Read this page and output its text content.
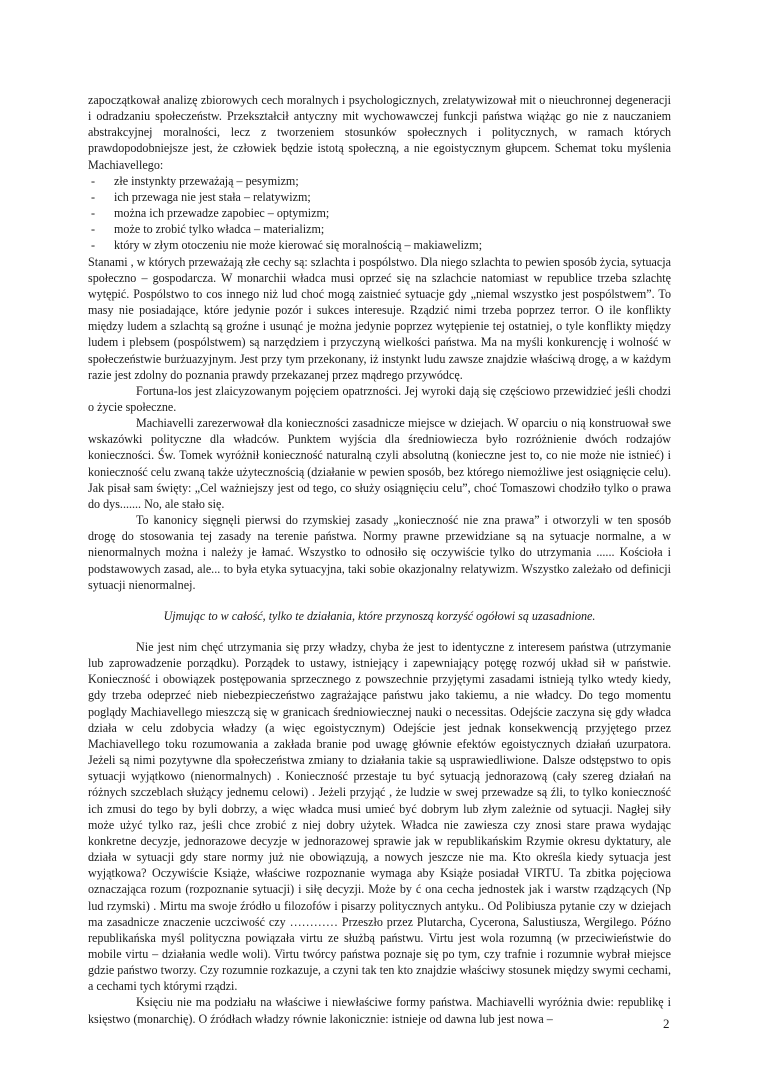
zapoczątkował analizę zbiorowych cech moralnych i psychologicznych, zrelatywizował mit o nieuchronnej degeneracji i odradzaniu społeczeństw. Przekształcił antyczny mit wychowawczej funkcji państwa wiążąc go nie z nauczaniem abstrakcyjnej moralności, lecz z tworzeniem stosunków społecznych i politycznych, w ramach których prawdopodobniejsze jest, że człowiek będzie istotą społeczną, a nie egoistycznym głupcem. Schemat toku myślenia Machiavellego:

- złe instynkty przeważają – pesymizm;
- ich przewaga nie jest stała – relatywizm;
- można ich przewadze zapobiec – optymizm;
- może to zrobić tylko władca – materializm;
- który w złym otoczeniu nie może kierować się moralnością – makiawelizm;

Stanami , w których przeważają złe cechy są: szlachta i pospólstwo. Dla niego szlachta to pewien sposób życia, sytuacja społeczno – gospodarcza. W monarchii władca musi oprzeć się na szlachcie natomiast w republice trzeba szlachtę wytępić. Pospólstwo to cos innego niż lud choć mogą zaistnieć sytuacje gdy „niemal wszystko jest pospólstwem”. To masy nie posiadające, które jedynie pozór i sukces interesuje. Rządzić nimi trzeba poprzez terror. O ile konflikty między ludem a szlachtą są groźne i usunąć je można jedynie poprzez wytępienie tej ostatniej, o tyle konflikty między ludem i plebsem (pospólstwem) są narzędziem i przyczyną wielkości państwa. Ma na myśli konkurencję i wolność w społeczeństwie burżuazyjnym. Jest przy tym przekonany, iż instynkt ludu zawsze znajdzie właściwą drogę, a w każdym razie jest zdolny do poznania prawdy przekazanej przez mądrego przywódcę.

Fortuna-los jest zlaicyzowanym pojęciem opatrzności. Jej wyroki dają się częściowo przewidzieć jeśli chodzi o życie społeczne.

Machiavelli zarezerwował dla konieczności zasadnicze miejsce w dziejach. W oparciu o nią konstruował swe wskazówki polityczne dla władców. Punktem wyjścia dla średniowiecza było rozróżnienie dwóch rodzajów konieczności. Św. Tomek wyróżnił konieczność naturalną czyli absolutną (konieczne jest to, co nie może nie istnieć) i konieczność celu zwaną także użytecznością (działanie w pewien sposób, bez którego niemożliwe jest osiągnięcie celu). Jak pisał sam święty: „Cel ważniejszy jest od tego, co służy osiągnięciu celu”, choć Tomaszowi chodziło tylko o prawa do dys....... No, ale stało się.

To kanonicy sięgnęli pierwsi do rzymskiej zasady „konieczność nie zna prawa” i otworzyli w ten sposób drogę do stosowania tej zasady na terenie państwa. Normy prawne przewidziane są na sytuacje normalne, a w nienormalnych można i należy je łamać. Wszystko to odnosiło się oczywiście tylko do utrzymania ...... Kościoła i podstawowych zasad, ale... to była etyka sytuacyjna, taki sobie okazjonalny relatywizm. Wszystko zależało od definicji sytuacji nienormalnej.

Ujmując to w całość, tylko te działania, które przynoszą korzyść ogółowi są uzasadnione.

Nie jest nim chęć utrzymania się przy władzy, chyba że jest to identyczne z interesem państwa (utrzymanie lub zaprowadzenie porządku). Porządek to ustawy, istniejący i zapewniający potęgę rozwój układ sił w państwie. Konieczność i obowiązek postępowania sprzecznego z powszechnie przyjętymi zasadami istnieją tylko wtedy kiedy, gdy trzeba odeprzeć nieb niebezpieczeństwo zagrażające państwu jako takiemu, a nie władcy. Do tego momentu poglądy Machiavellego mieszczą się w granicach średniowiecznej nauki o necessitas. Odejście zaczyna się gdy władca działa w celu zdobycia władzy (a więc egoistycznym) Odejście jest jednak konsekwencją przyjętego przez Machiavellego toku rozumowania a zakłada branie pod uwagę głównie efektów egoistycznych działań uzurpatora. Jeżeli są nimi pozytywne dla społeczeństwa zmiany to działania takie są usprawiedliwione. Dalsze odstępstwo to opis sytuacji wyjątkowo (nienormalnych) . Konieczność przestaje tu być sytuacją jednorazową (cały szereg działań na różnych szczeblach służący jednemu celowi) . Jeżeli przyjąć , że ludzie w swej przewadze są źli, to tylko konieczność ich zmusi do tego by byli dobrzy, a więc władca musi umieć być dobrym lub złym zależnie od sytuacji. Nagłej siły może użyć tylko raz, jeśli chce zrobić z niej dobry użytek. Władca nie zawiesza czy znosi stare prawa wydając konkretne decyzje, jednorazowe decyzje w jednorazowej sprawie jak w republikańskim Rzymie okresu dyktatury, ale działa w sytuacji gdy stare normy już nie obowiązują, a nowych jeszcze nie ma. Kto określa kiedy sytuacja jest wyjątkowa? Oczywiście Książe, właściwe rozpoznanie wymaga aby Książe posiadał VIRTU. Ta zbitka pojęciowa oznaczająca rozum (rozpoznanie sytuacji) i siłę decyzji. Może by ć ona cecha jednostek jak i warstw rządzących (Np lud rzymski) . Mirtu ma swoje źródło u filozofów i pisarzy politycznych antyku.. Od Polibiusza pytanie czy w dziejach ma zasadnicze znaczenie uczciwość czy ………… Przeszło przez Plutarcha, Cycerona, Salustiusza, Wergilego. Późno republikańska myśl polityczna powiązała virtu ze służbą państwu. Virtu jest wola rozumną (w przeciwieństwie do mobile virtu – działania wedle woli). Virtu twórcy państwa poznaje się po tym, czy trafnie i rozumnie wybrał miejsce gdzie państwo tworzy. Czy rozumnie rozkazuje, a czyni tak ten kto znajdzie właściwy stosunek między swymi cechami, a cechami tych którymi rządzi.

Księciu nie ma podziału na właściwe i niewłaściwe formy państwa. Machiavelli wyróżnia dwie: republikę i księstwo (monarchię). O źródłach władzy równie lakonicznie: istnieje od dawna lub jest nowa –	2
